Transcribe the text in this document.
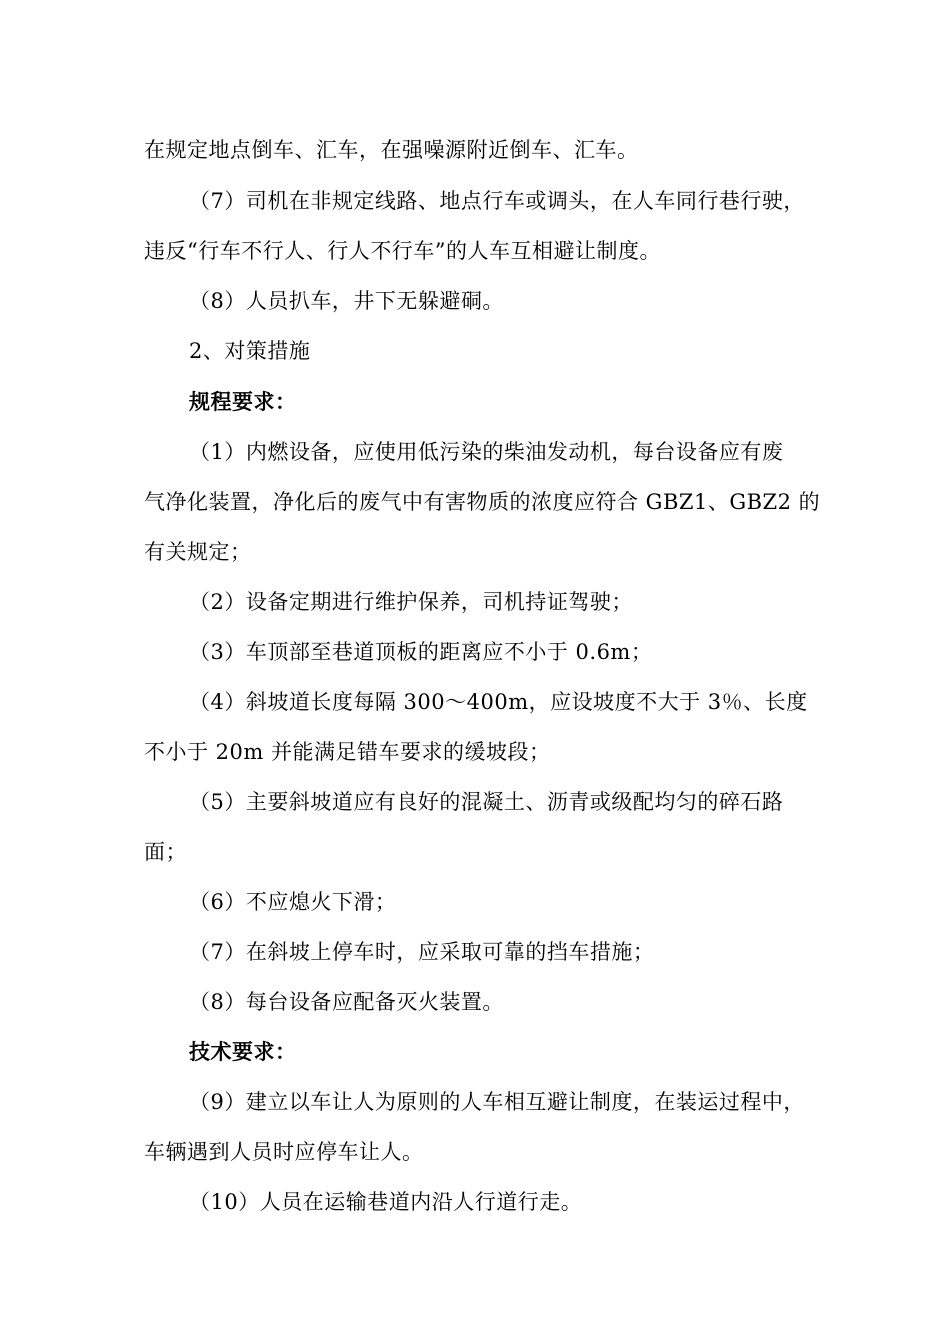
在规定地点倒车、汇车，在强噪源附近倒车、汇车。
（7）司机在非规定线路、地点行车或调头，在人车同行巷行驶，
违反“行车不行人、行人不行车”的人车互相避让制度。
（8）人员扒车，井下无躲避硐。
2、对策措施
规程要求：
（1）内燃设备，应使用低污染的柴油发动机，每台设备应有废
气净化装置，净化后的废气中有害物质的浓度应符合 GBZ1、GBZ2 的
有关规定；
（2）设备定期进行维护保养，司机持证驾驶；
（3）车顶部至巷道顶板的距离应不小于 0.6m；
（4）斜坡道长度每隔 300～400m，应设坡度不大于 3％、长度
不小于 20m 并能满足错车要求的缓坡段；
（5）主要斜坡道应有良好的混凝土、沥青或级配均匀的碎石路
面；
（6）不应熄火下滑；
（7）在斜坡上停车时，应采取可靠的挡车措施；
（8）每台设备应配备灭火装置。
技术要求：
（9）建立以车让人为原则的人车相互避让制度，在装运过程中，
车辆遇到人员时应停车让人。
（10）人员在运输巷道内沿人行道行走。
